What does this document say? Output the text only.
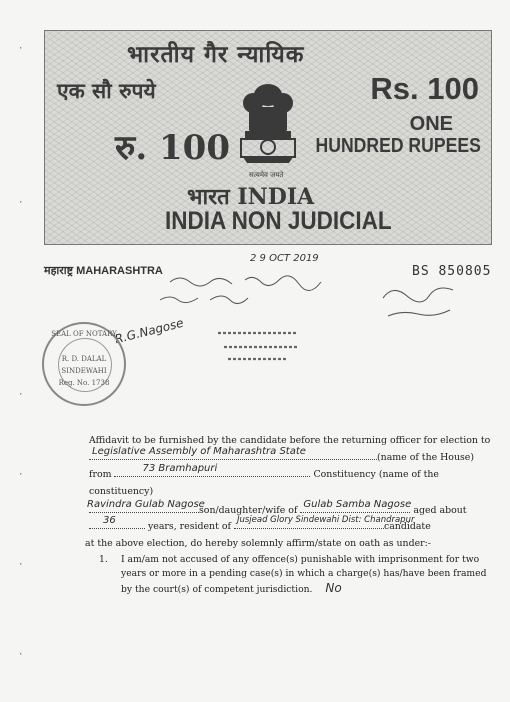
·
·
·
·
·
·
भारतीय गैर न्यायिक
एक सौ रुपये	Rs. 100
ONE
HUNDRED RUPEES
रु. 100
सत्यमेव जयते
भारत INDIA
INDIA NON JUDICIAL
महाराष्ट्र MAHARASHTRA	BS 850805
2 9 OCT 2019
R.G.Nagose
SEAL OF NOTARY
R. D. DALAL
SINDEWAHI
Reg. No. 1738
Affidavit to be furnished by the candidate before the returning officer for election to
Legislative Assembly of Maharashtra State
(name of the House)
from
73 Bramhapuri
Constituency (name of the
constituency)
Ravindra Gulab Nagose
son/daughter/wife of
Gulab Samba Nagose
aged about
36
years, resident of
Jusjead Glory Sindewahi Dist: Chandrapur
candidate
at the above election, do hereby solemnly affirm/state on oath as under:-
1. I am/am not accused of any offence(s) punishable with imprisonment for two years or more in a pending case(s) in which a charge(s) has/have been framed by the court(s) of competent jurisdiction. No
